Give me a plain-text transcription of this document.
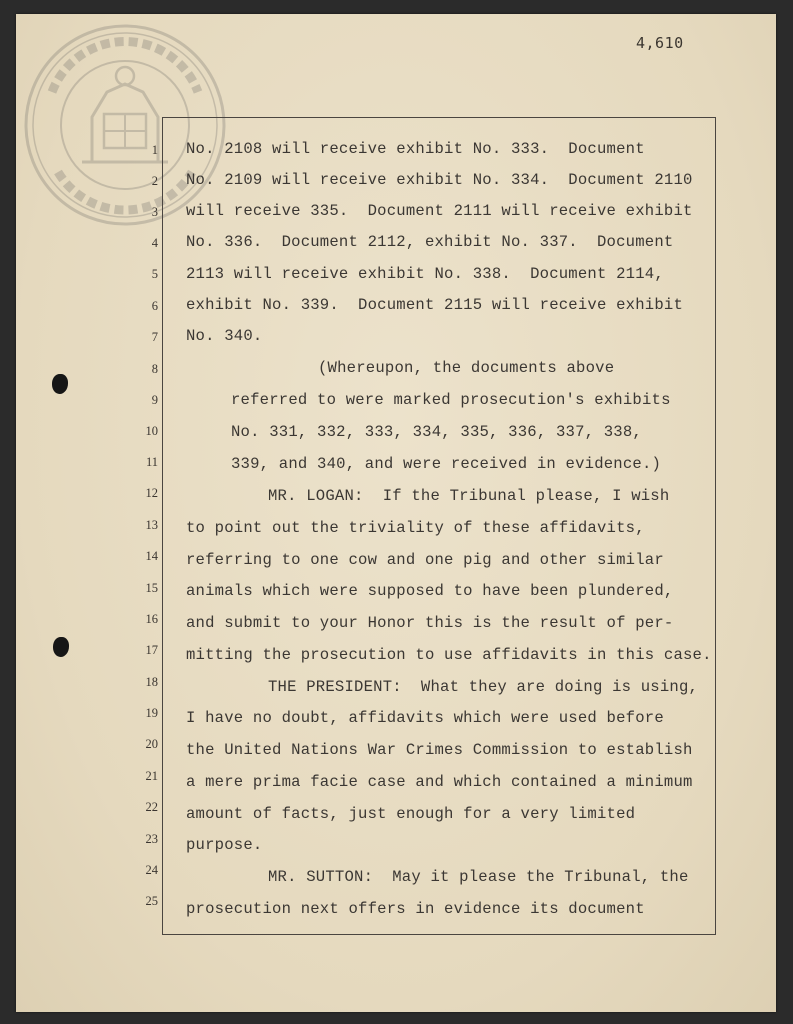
4,610
1
2
3
4
5
6
7
8
9
10
11
12
13
14
15
16
17
18
19
20
21
22
23
24
25
No. 2108 will receive exhibit No. 333.  Document
No. 2109 will receive exhibit No. 334.  Document 2110
will receive 335.  Document 2111 will receive exhibit
No. 336.  Document 2112, exhibit No. 337.  Document
2113 will receive exhibit No. 338.  Document 2114,
exhibit No. 339.  Document 2115 will receive exhibit
No. 340.
(Whereupon, the documents above
referred to were marked prosecution's exhibits
No. 331, 332, 333, 334, 335, 336, 337, 338,
339, and 340, and were received in evidence.)
MR. LOGAN:  If the Tribunal please, I wish
to point out the triviality of these affidavits,
referring to one cow and one pig and other similar
animals which were supposed to have been plundered,
and submit to your Honor this is the result of per-
mitting the prosecution to use affidavits in this case.
THE PRESIDENT:  What they are doing is using,
I have no doubt, affidavits which were used before
the United Nations War Crimes Commission to establish
a mere prima facie case and which contained a minimum
amount of facts, just enough for a very limited
purpose.
MR. SUTTON:  May it please the Tribunal, the
prosecution next offers in evidence its document
